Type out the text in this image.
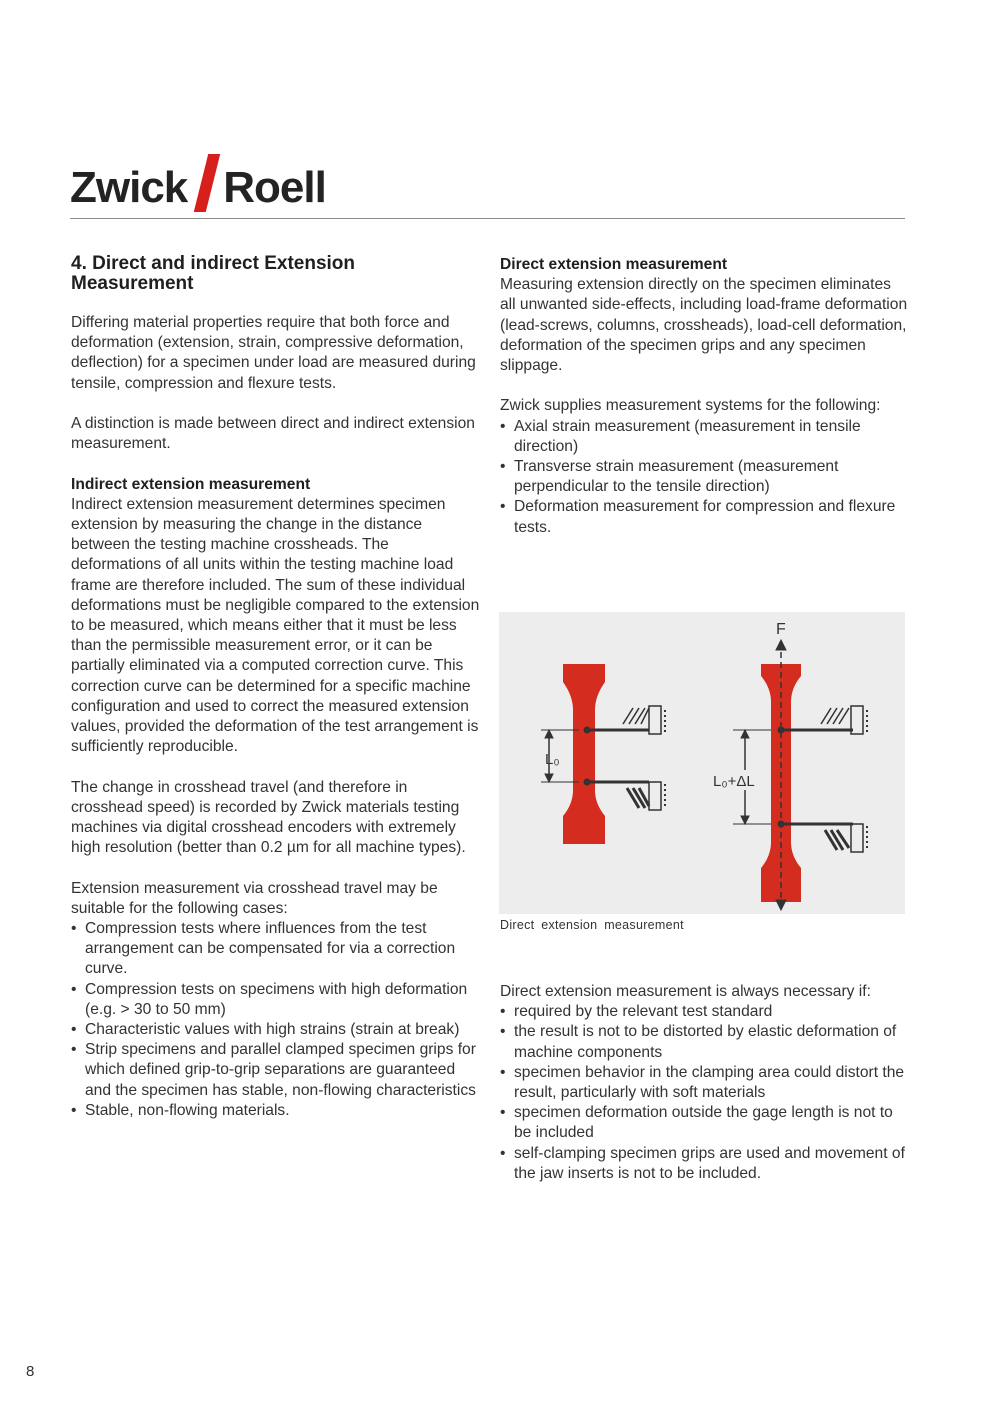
Zwick Roell
4. Direct and indirect Extension Measurement

Differing material properties require that both force and deformation (extension, strain, compressive deformation, deflection) for a specimen under load are measured during tensile, compression and flexure tests.

A distinction is made between direct and indirect extension measurement.

Indirect extension measurement

Indirect extension measurement determines specimen extension by measuring the change in the distance between the testing machine crossheads. The deformations of all units within the testing machine load frame are therefore included. The sum of these individual deformations must be negligible compared to the extension to be measured, which means either that it must be less than the permissible measurement error, or it can be partially eliminated via a computed correction curve. This correction curve can be determined for a specific machine configuration and used to correct the measured extension values, provided the deformation of the test arrangement is sufficiently reproducible.

The change in crosshead travel (and therefore in crosshead speed) is recorded by Zwick materials testing machines via digital crosshead encoders with extremely high resolution (better than 0.2 µm for all machine types).

Extension measurement via crosshead travel may be suitable for the following cases:
• Compression tests where influences from the test arrangement can be compensated for via a correction curve.
• Compression tests on specimens with high deformation (e.g. > 30 to 50 mm)
• Characteristic values with high strains (strain at break)
• Strip specimens and parallel clamped specimen grips for which defined grip-to-grip separations are guaranteed and the specimen has stable, non-flowing characteristics
• Stable, non-flowing materials.
Direct extension measurement

Measuring extension directly on the specimen eliminates all unwanted side-effects, including load-frame deformation (lead-screws, columns, crossheads), load-cell deformation, deformation of the specimen grips and any specimen slippage.

Zwick supplies measurement systems for the following:
• Axial strain measurement (measurement in tensile direction)
• Transverse strain measurement (measurement perpendicular to the tensile direction)
• Deformation measurement for compression and flexure tests.
L₀
F
L₀+ΔL
Direct extension measurement
Direct extension measurement is always necessary if:
• required by the relevant test standard
• the result is not to be distorted by elastic deformation of machine components
• specimen behavior in the clamping area could distort the result, particularly with soft materials
• specimen deformation outside the gage length is not to be included
• self-clamping specimen grips are used and movement of the jaw inserts is not to be included.
8
